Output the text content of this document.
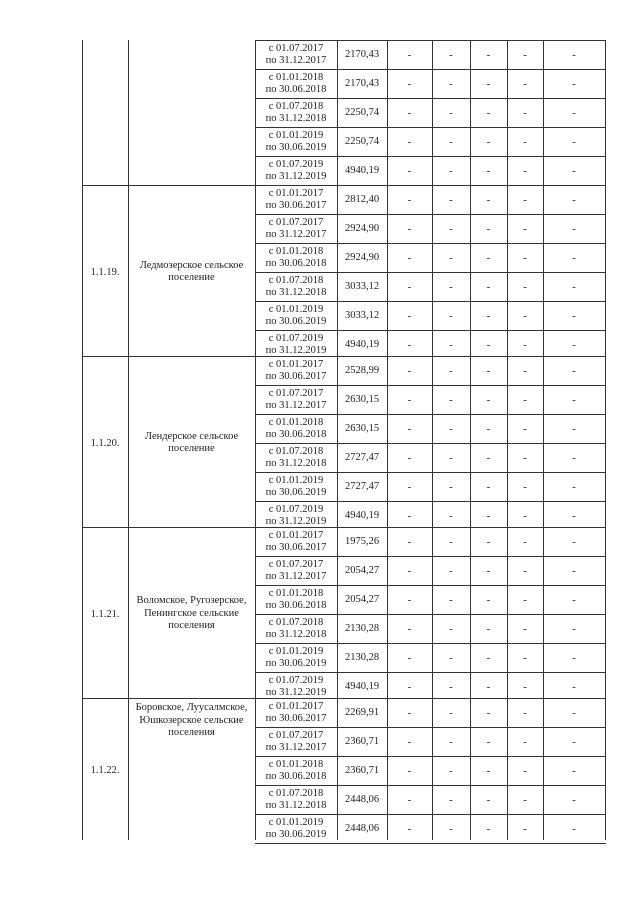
с 01.07.2017
по 31.12.2017	2170,43	-	-	-	-	-
с 01.01.2018
по 30.06.2018	2170,43	-	-	-	-	-
с 01.07.2018
по 31.12.2018	2250,74	-	-	-	-	-
с 01.01.2019
по 30.06.2019	2250,74	-	-	-	-	-
с 01.07.2019
по 31.12.2019	4940,19	-	-	-	-	-
1.1.19.
Ледмозерское сельское
поселение
с 01.01.2017
по 30.06.2017	2812,40	-	-	-	-	-
с 01.07.2017
по 31.12.2017	2924,90	-	-	-	-	-
с 01.01.2018
по 30.06.2018	2924,90	-	-	-	-	-
с 01.07.2018
по 31.12.2018	3033,12	-	-	-	-	-
с 01.01.2019
по 30.06.2019	3033,12	-	-	-	-	-
с 01.07.2019
по 31.12.2019	4940,19	-	-	-	-	-
1.1.20.
Лендерское сельское
поселение
с 01.01.2017
по 30.06.2017	2528,99	-	-	-	-	-
с 01.07.2017
по 31.12.2017	2630,15	-	-	-	-	-
с 01.01.2018
по 30.06.2018	2630,15	-	-	-	-	-
с 01.07.2018
по 31.12.2018	2727,47	-	-	-	-	-
с 01.01.2019
по 30.06.2019	2727,47	-	-	-	-	-
с 01.07.2019
по 31.12.2019	4940,19	-	-	-	-	-
1.1.21.
Воломское, Ругозерское,
Пенингское сельские
поселения
с 01.01.2017
по 30.06.2017	1975,26	-	-	-	-	-
с 01.07.2017
по 31.12.2017	2054,27	-	-	-	-	-
с 01.01.2018
по 30.06.2018	2054,27	-	-	-	-	-
с 01.07.2018
по 31.12.2018	2130,28	-	-	-	-	-
с 01.01.2019
по 30.06.2019	2130,28	-	-	-	-	-
с 01.07.2019
по 31.12.2019	4940,19	-	-	-	-	-
1.1.22.
Боровское, Луусалмское,
Юшкозерское сельские
поселения
с 01.01.2017
по 30.06.2017	2269,91	-	-	-	-	-
с 01.07.2017
по 31.12.2017	2360,71	-	-	-	-	-
с 01.01.2018
по 30.06.2018	2360,71	-	-	-	-	-
с 01.07.2018
по 31.12.2018	2448,06	-	-	-	-	-
с 01.01.2019
по 30.06.2019	2448,06	-	-	-	-	-
